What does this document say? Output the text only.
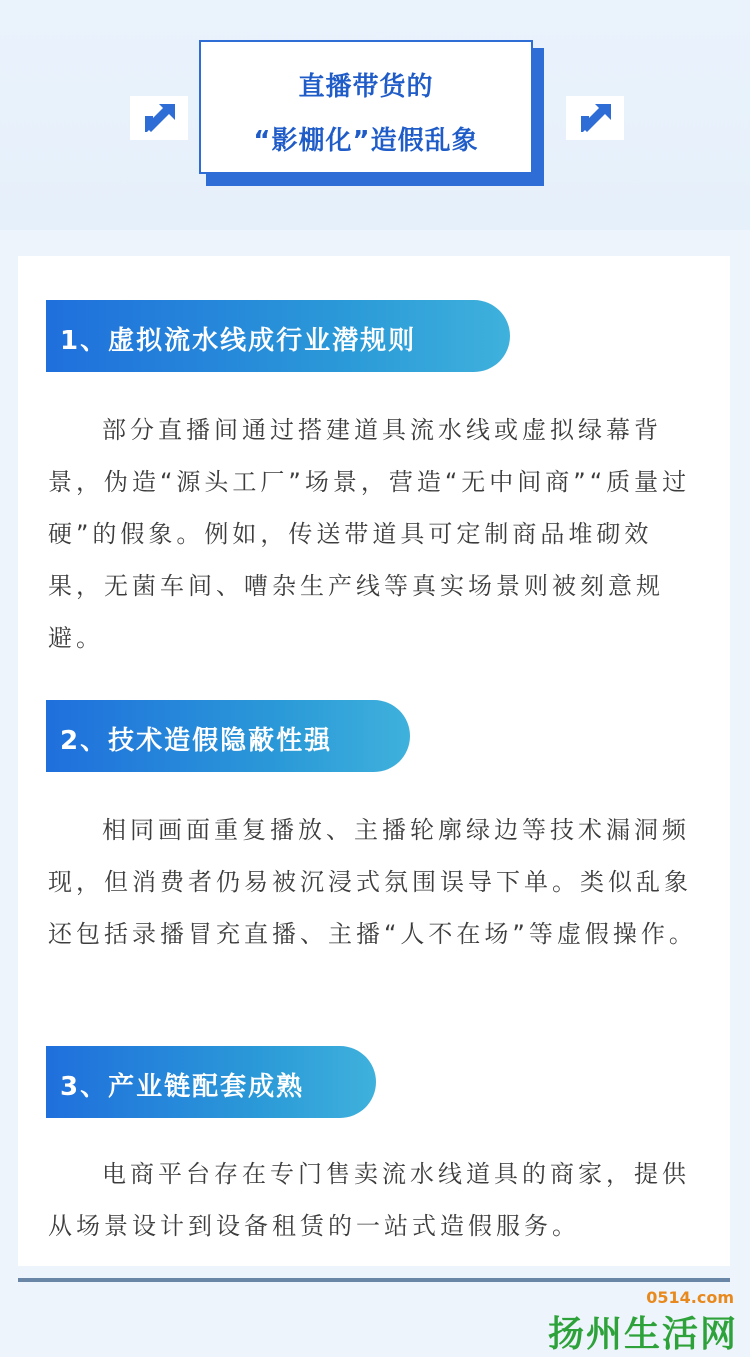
直播带货的
“影棚化”造假乱象
1、虚拟流水线成行业潜规则

部分直播间通过搭建道具流水线或虚拟绿幕背景，伪造“源头工厂”场景，营造“无中间商”“质量过硬”的假象。例如，传送带道具可定制商品堆砌效果，无菌车间、嘈杂生产线等真实场景则被刻意规避。

2、技术造假隐蔽性强

相同画面重复播放、主播轮廓绿边等技术漏洞频现，但消费者仍易被沉浸式氛围误导下单。类似乱象还包括录播冒充直播、主播“人不在场”等虚假操作。

3、产业链配套成熟

电商平台存在专门售卖流水线道具的商家，提供从场景设计到设备租赁的一站式造假服务。

0514.com
扬州生活网
